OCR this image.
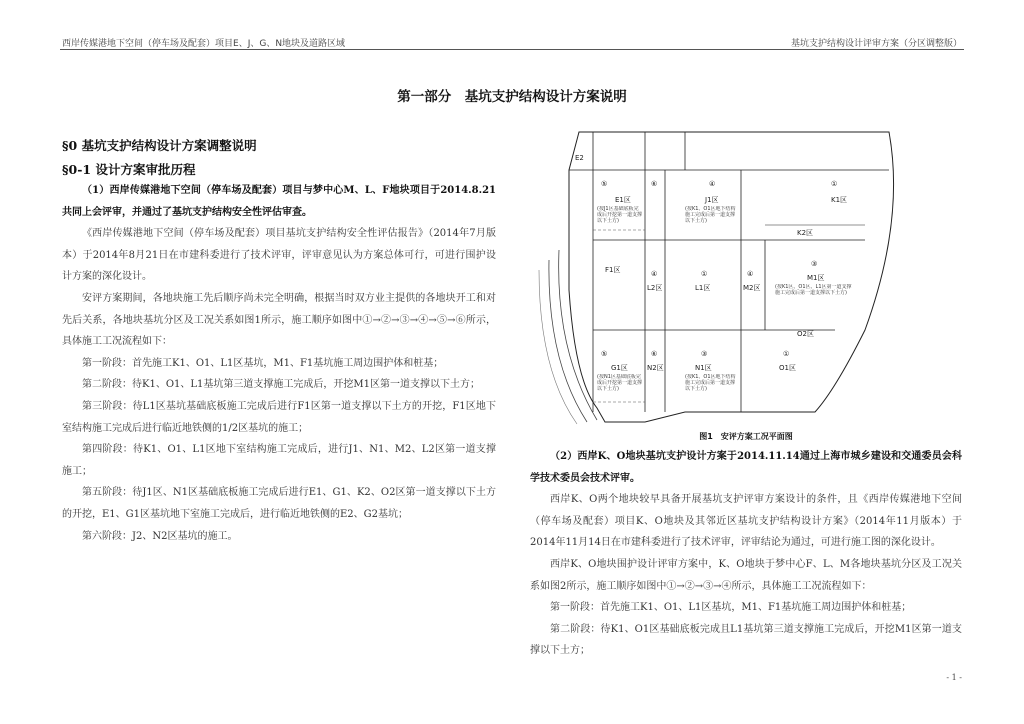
西岸传媒港地下空间（停车场及配套）项目E、J、G、N地块及道路区域	基坑支护结构设计评审方案（分区调整版）
第一部分　基坑支护结构设计方案说明
§0 基坑支护结构设计方案调整说明
§0-1 设计方案审批历程

（1）西岸传媒港地下空间（停车场及配套）项目与梦中心M、L、F地块项目于2014.8.21共同上会评审，并通过了基坑支护结构安全性评估审查。

《西岸传媒港地下空间（停车场及配套）项目基坑支护结构安全性评估报告》（2014年7月版本）于2014年8月21日在市建科委进行了技术评审，评审意见认为方案总体可行，可进行围护设计方案的深化设计。

安评方案期间，各地块施工先后顺序尚未完全明确，根据当时双方业主提供的各地块开工和对先后关系，各地块基坑分区及工况关系如图1所示，施工顺序如图中①→②→③→④→⑤→⑥所示，具体施工工况流程如下：

第一阶段：首先施工K1、O1、L1区基坑，M1、F1基坑施工周边围护体和桩基；

第二阶段：待K1、O1、L1基坑第三道支撑施工完成后，开挖M1区第一道支撑以下土方；

第三阶段：待L1区基坑基础底板施工完成后进行F1区第一道支撑以下土方的开挖，F1区地下室结构施工完成后进行临近地铁侧的1/2区基坑的施工；

第四阶段：待K1、O1、L1区地下室结构施工完成后，进行J1、N1、M2、L2区第一道支撑施工；

第五阶段：待J1区、N1区基础底板施工完成后进行E1、G1、K2、O2区第一道支撑以下土方的开挖，E1、G1区基坑地下室施工完成后，进行临近地铁侧的E2、G2基坑；

第六阶段：J2、N2区基坑的施工。

E2
E1区	J1区	K1区
F1区
L2区	L1区	M2区
M1区
K2区
O2区
G1区	N2区	N1区	O1区
⑤	⑥	④	①
④	①	④
③
⑤	⑥	③	①
(按J1区基础底板完成后开挖第一道支撑以下土方)
(按K1、O1区地下结构施工完成后第一道支撑以下土方)
(按K1区、O1区、L1区第一道支撑施工完成后第一道支撑以下土方)
(按N1区基础底板完成后开挖第一道支撑以下土方)
(按K1、O1区地下结构施工完成后第一道支撑以下土方)
图1　安评方案工况平面图

（2）西岸K、O地块基坑支护设计方案于2014.11.14通过上海市城乡建设和交通委员会科学技术委员会技术评审。

西岸K、O两个地块较早具备开展基坑支护评审方案设计的条件，且《西岸传媒港地下空间（停车场及配套）项目K、O地块及其邻近区基坑支护结构设计方案》（2014年11月版本）于2014年11月14日在市建科委进行了技术评审，评审结论为通过，可进行施工图的深化设计。

西岸K、O地块围护设计评审方案中，K、O地块于梦中心F、L、M各地块基坑分区及工况关系如图2所示，施工顺序如图中①→②→③→④所示，具体施工工况流程如下：

第一阶段：首先施工K1、O1、L1区基坑，M1、F1基坑施工周边围护体和桩基；

第二阶段：待K1、O1区基础底板完成且L1基坑第三道支撑施工完成后，开挖M1区第一道支撑以下土方；

- 1 -
